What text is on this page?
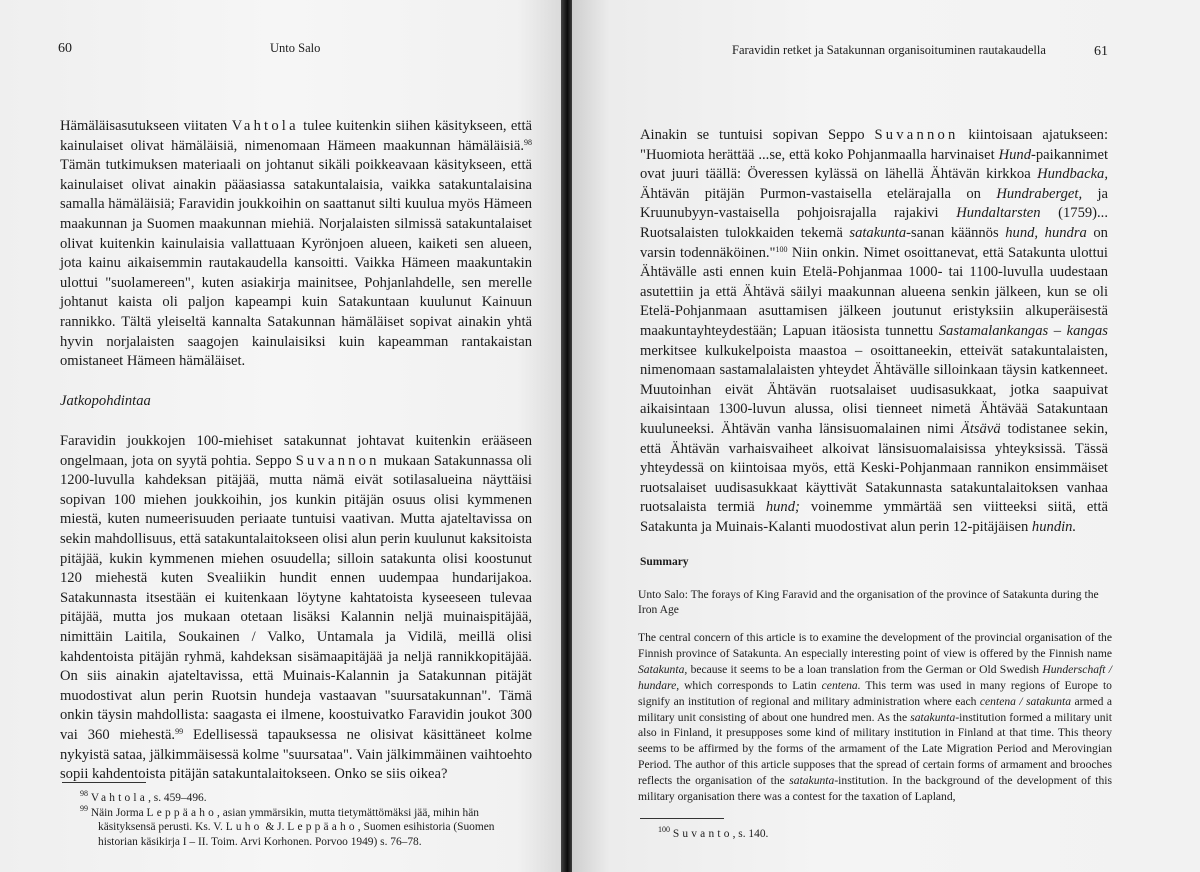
60	Unto Salo

Hämäläisasutukseen viitaten Vahtola tulee kuitenkin siihen käsitykseen, että kainulaiset olivat hämäläisiä, nimenomaan Hämeen maakunnan hämäläisiä.$^{98}$ Tämän tutkimuksen materiaali on johtanut sikäli poikkeavaan käsitykseen, että kainulaiset olivat ainakin pääasiassa satakuntalaisia, vaikka satakuntalaisina samalla hämäläisiä; Faravidin joukkoihin on saattanut silti kuulua myös Hämeen maakunnan ja Suomen maakunnan miehiä. Norjalaisten silmissä satakuntalaiset olivat kuitenkin kainulaisia vallattuaan Kyrönjoen alueen, kaiketi sen alueen, jota kainu aikaisemmin rautakaudella kansoitti. Vaikka Hämeen maakuntakin ulottui "suolamereen", kuten asiakirja mainitsee, Pohjanlahdelle, sen merelle johtanut kaista oli paljon kapeampi kuin Satakuntaan kuulunut Kainuun rannikko. Tältä yleiseltä kannalta Satakunnan hämäläiset sopivat ainakin yhtä hyvin norjalaisten saagojen kainulaisiksi kuin kapeamman rantakaistan omistaneet Hämeen hämäläiset.

Jatkopohdintaa

Faravidin joukkojen 100-miehiset satakunnat johtavat kuitenkin erääseen ongelmaan, jota on syytä pohtia. Seppo Suvannon mukaan Satakunnassa oli 1200-luvulla kahdeksan pitäjää, mutta nämä eivät sotilasalueina näyttäisi sopivan 100 miehen joukkoihin, jos kunkin pitäjän osuus olisi kymmenen miestä, kuten numeerisuuden periaate tuntuisi vaativan. Mutta ajateltavissa on sekin mahdollisuus, että satakuntalaitokseen olisi alun perin kuulunut kaksitoista pitäjää, kukin kymmenen miehen osuudella; silloin satakunta olisi koostunut 120 miehestä kuten Svealiikin hundit ennen uudempaa hundarijakoa. Satakunnasta itsestään ei kuitenkaan löytyne kahtatoista kyseeseen tulevaa pitäjää, mutta jos mukaan otetaan lisäksi Kalannin neljä muinaispitäjää, nimittäin Laitila, Soukainen / Valko, Untamala ja Vidilä, meillä olisi kahdentoista pitäjän ryhmä, kahdeksan sisämaapitäjää ja neljä rannikkopitäjää. On siis ainakin ajateltavissa, että Muinais-Kalannin ja Satakunnan pitäjät muodostivat alun perin Ruotsin hundeja vastaavan "suursatakunnan". Tämä onkin täysin mahdollista: saagasta ei ilmene, koostuivatko Faravidin joukot 300 vai 360 miehestä.$^{99}$ Edellisessä tapauksessa ne olisivat käsittäneet kolme nykyistä sataa, jälkimmäisessä kolme "suursataa". Vain jälkimmäinen vaihtoehto sopii kahdentoista pitäjän satakuntalaitokseen. Onko se siis oikea?

$^{98}$ Vahtola, s. 459–496.

$^{99}$ Näin Jorma Leppäaho, asian ymmärsikin, mutta tietymättömäksi jää, mihin hän käsityksensä perusti. Ks. V. Luho & J. Leppäaho, Suomen esihistoria (Suomen historian käsikirja I – II. Toim. Arvi Korhonen. Porvoo 1949) s. 76–78.

Faravidin retket ja Satakunnan organisoituminen rautakaudella	61

Ainakin se tuntuisi sopivan Seppo Suvannon kiintoisaan ajatukseen: "Huomiota herättää ...se, että koko Pohjanmaalla harvinaiset Hund-paikannimet ovat juuri täällä: Överessen kylässä on lähellä Ähtävän kirkkoa Hundbacka, Ähtävän pitäjän Purmon-vastaisella etelärajalla on Hundraberget, ja Kruunubyyn-vastaisella pohjoisrajalla rajakivi Hundaltarsten (1759)... Ruotsalaisten tulokkaiden tekemä satakunta-sanan käännös hund, hundra on varsin todennäköinen."$^{100}$ Niin onkin. Nimet osoittanevat, että Satakunta ulottui Ähtävälle asti ennen kuin Etelä-Pohjanmaa 1000- tai 1100-luvulla uudestaan asutettiin ja että Ähtävä säilyi maakunnan alueena senkin jälkeen, kun se oli Etelä-Pohjanmaan asuttamisen jälkeen joutunut eristyksiin alkuperäisestä maakuntayhteydestään; Lapuan itäosista tunnettu Sastamalankangas – kangas merkitsee kulkukelpoista maastoa – osoittaneekin, etteivät satakuntalaisten, nimenomaan sastamalalaisten yhteydet Ähtävälle silloinkaan täysin katkenneet. Muutoinhan eivät Ähtävän ruotsalaiset uudisasukkaat, jotka saapuivat aikaisintaan 1300-luvun alussa, olisi tienneet nimetä Ähtävää Satakuntaan kuuluneeksi. Ähtävän vanha länsisuomalainen nimi Ätsävä todistanee sekin, että Ähtävän varhaisvaiheet alkoivat länsisuomalaisissa yhteyksissä. Tässä yhteydessä on kiintoisaa myös, että Keski-Pohjanmaan rannikon ensimmäiset ruotsalaiset uudisasukkaat käyttivät Satakunnasta satakuntalaitoksen vanhaa ruotsalaista termiä hund; voinemme ymmärtää sen viitteeksi siitä, että Satakunta ja Muinais-Kalanti muodostivat alun perin 12-pitäjäisen hundin.

Summary
Unto Salo: The forays of King Faravid and the organisation of the province of Satakunta during the Iron Age

The central concern of this article is to examine the development of the provincial organisation of the Finnish province of Satakunta. An especially interesting point of view is offered by the Finnish name Satakunta, because it seems to be a loan translation from the German or Old Swedish Hunderschaft / hundare, which corresponds to Latin centena. This term was used in many regions of Europe to signify an institution of regional and military administration where each centena / satakunta armed a military unit consisting of about one hundred men. As the satakunta-institution formed a military unit also in Finland, it presupposes some kind of military institution in Finland at that time. This theory seems to be affirmed by the forms of the armament of the Late Migration Period and Merovingian Period. The author of this article supposes that the spread of certain forms of armament and brooches reflects the organisation of the satakunta-institution. In the background of the development of this military organisation there was a contest for the taxation of Lapland,

$^{100}$ Suvanto, s. 140.
